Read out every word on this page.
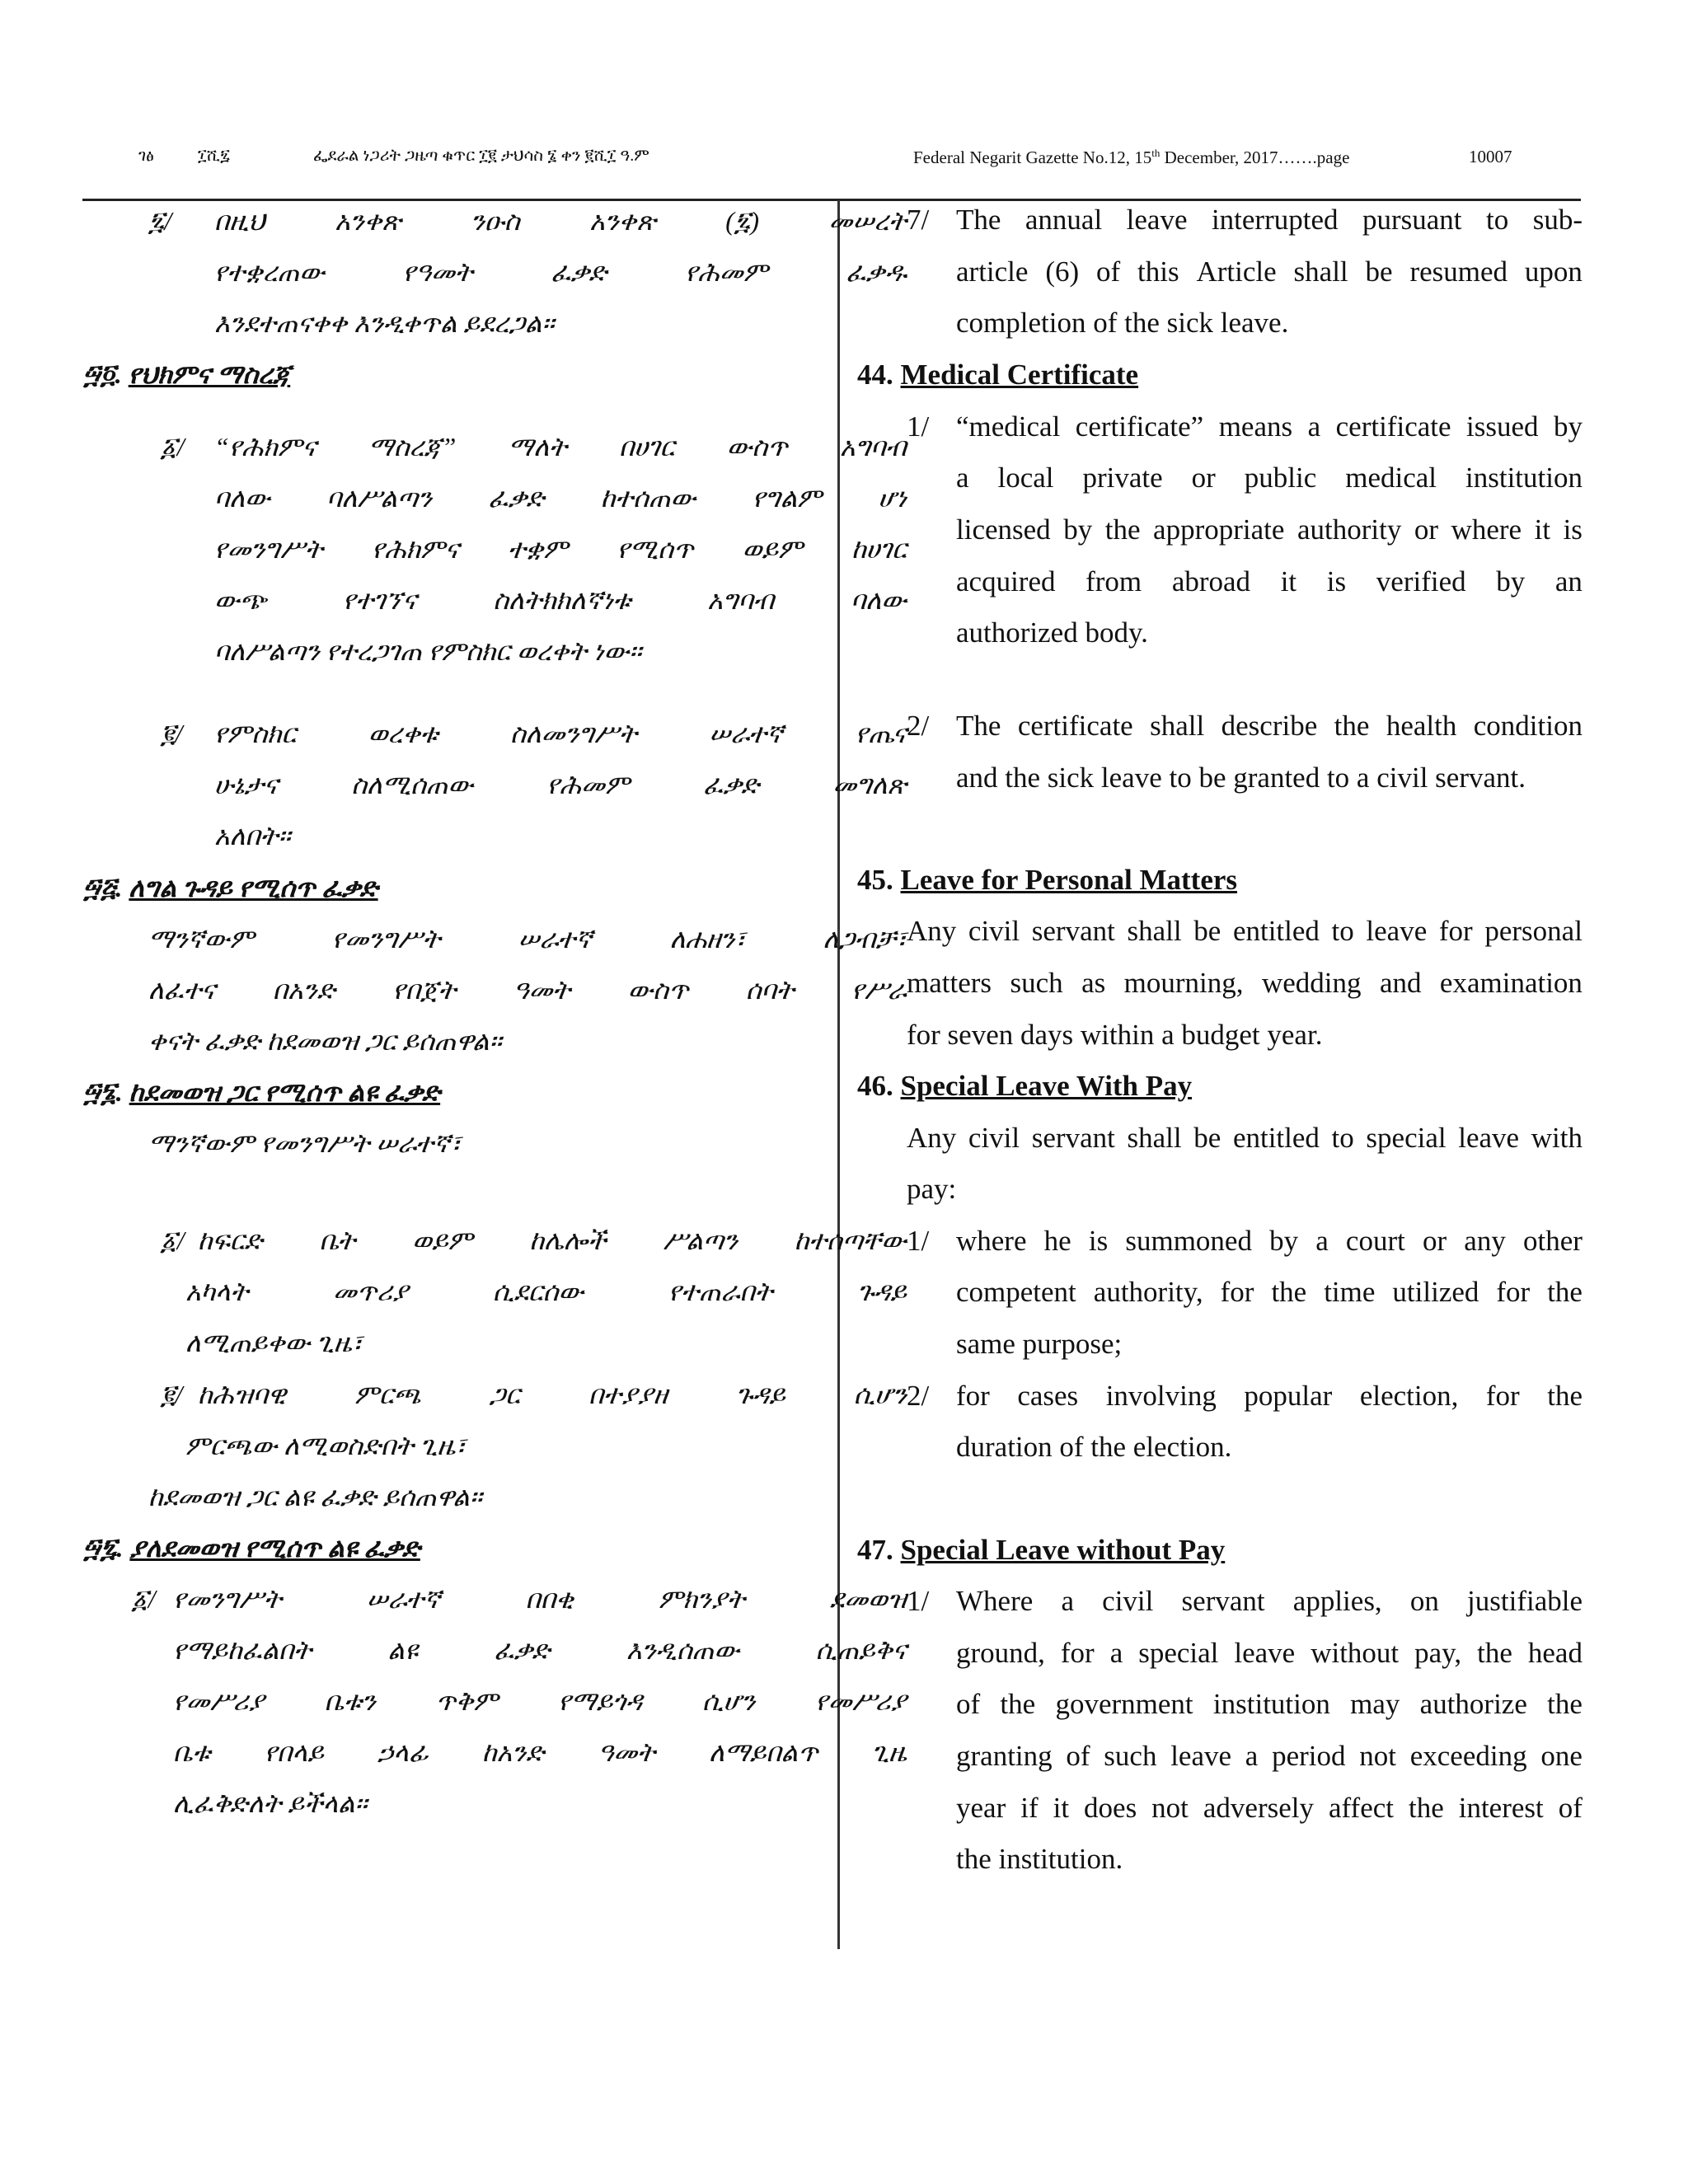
ገፅ	፲ሺ፯	ፌደራል ነጋሪት ጋዜጣ ቁጥር ፲፪ ታህሳስ ፮ ቀን ፪ሺ፲ ዓ.ም	Federal Negarit Gazette No.12, 15th December, 2017…….page	10007
፯/ በዚህ	አንቀጽ	ንዑስ	አንቀጽ	(፯)	መሠረት
የተቋረጠው	የዓመት	ፈቃድ	የሕመም	ፈቃዱ
እንደተጠናቀቀ እንዲቀጥል ይደረጋል፡፡
፵፬. የህክምና ማስረጃ
፩/ “የሕክምና ማስረጃ” ማለት በሀገር ውስጥ አግባብ
ባለው ባለሥልጣን ፈቃድ ከተሰጠው የግልም ሆነ
የመንግሥት የሕክምና ተቋም የሚሰጥ ወይም ከሀገር
ውጭ	የተገኘና	ስለትክክለኛነቱ	አግባብ	ባለው
ባለሥልጣን የተረጋገጠ የምስክር ወረቀት ነው፡፡
፪/ የምስክር	ወረቀቱ	ስለመንግሥት	ሠራተኛ	የጤና
ሁኔታና	ስለሚሰጠው	የሕመም	ፈቃድ	መግለጽ
አለበት፡፡
፵፭. ለግል ጉዳይ የሚሰጥ ፈቃድ
ማንኛውም	የመንግሥት	ሠራተኛ	ለሐዘን፣	ለጋብቻ፣
ለፈተና በአንድ የበጀት ዓመት ውስጥ ሰባት የሥራ
ቀናት ፈቃድ ከደመወዝ ጋር ይሰጠዋል፡፡
፵፮. ከደመወዝ ጋር የሚሰጥ ልዩ ፈቃድ
ማንኛውም የመንግሥት ሠራተኛ፣
፩/ ከፍርድ ቤት ወይም ከሌሎች ሥልጣን ከተሰጣቸው
አካላት	መጥሪያ	ሲደርሰው	የተጠራበት	ጉዳይ
ለሚጠይቀው ጊዜ፣
፪/ ከሕዝባዊ	ምርጫ	ጋር	በተያያዘ	ጉዳይ	ሲሆን
ምርጫው ለሚወስድበት ጊዜ፣
ከደመወዝ ጋር ልዩ ፈቃድ ይሰጠዋል፡፡
፵፯. ያለደመወዝ የሚሰጥ ልዩ ፈቃድ
፩/ የመንግሥት	ሠራተኛ	በበቂ	ምክንያት	ደመወዝ
የማይከፈልበት	ልዩ	ፈቃድ	እንዲሰጠው	ሲጠይቅና
የመሥሪያ ቤቱን ጥቅም የማይጎዳ ሲሆን የመሥሪያ
ቤቱ የበላይ ኃላፊ ከአንድ ዓመት ለማይበልጥ ጊዜ
ሊፈቅድለት ይችላል፡፡
7/ The annual leave interrupted pursuant to sub-
article (6) of this Article shall be resumed upon
completion of the sick leave.
44. Medical Certificate
1/ “medical certificate” means a certificate issued by
a local private or public medical institution
licensed by the appropriate authority or where it is
acquired from abroad it is verified by an
authorized body.
2/ The certificate shall describe the health condition
and the sick leave to be granted to a civil servant.
45. Leave for Personal Matters
Any civil servant shall be entitled to leave for personal
matters such as mourning, wedding and examination
for seven days within a budget year.
46. Special Leave With Pay
Any civil servant shall be entitled to special leave with
pay:
1/ where he is summoned by a court or any other
competent authority, for the time utilized for the
same purpose;
2/ for cases involving popular election, for the
duration of the election.
47. Special Leave without Pay
1/ Where a civil servant applies, on justifiable
ground, for a special leave without pay, the head
of the government institution may authorize the
granting of such leave a period not exceeding one
year if it does not adversely affect the interest of
the institution.
